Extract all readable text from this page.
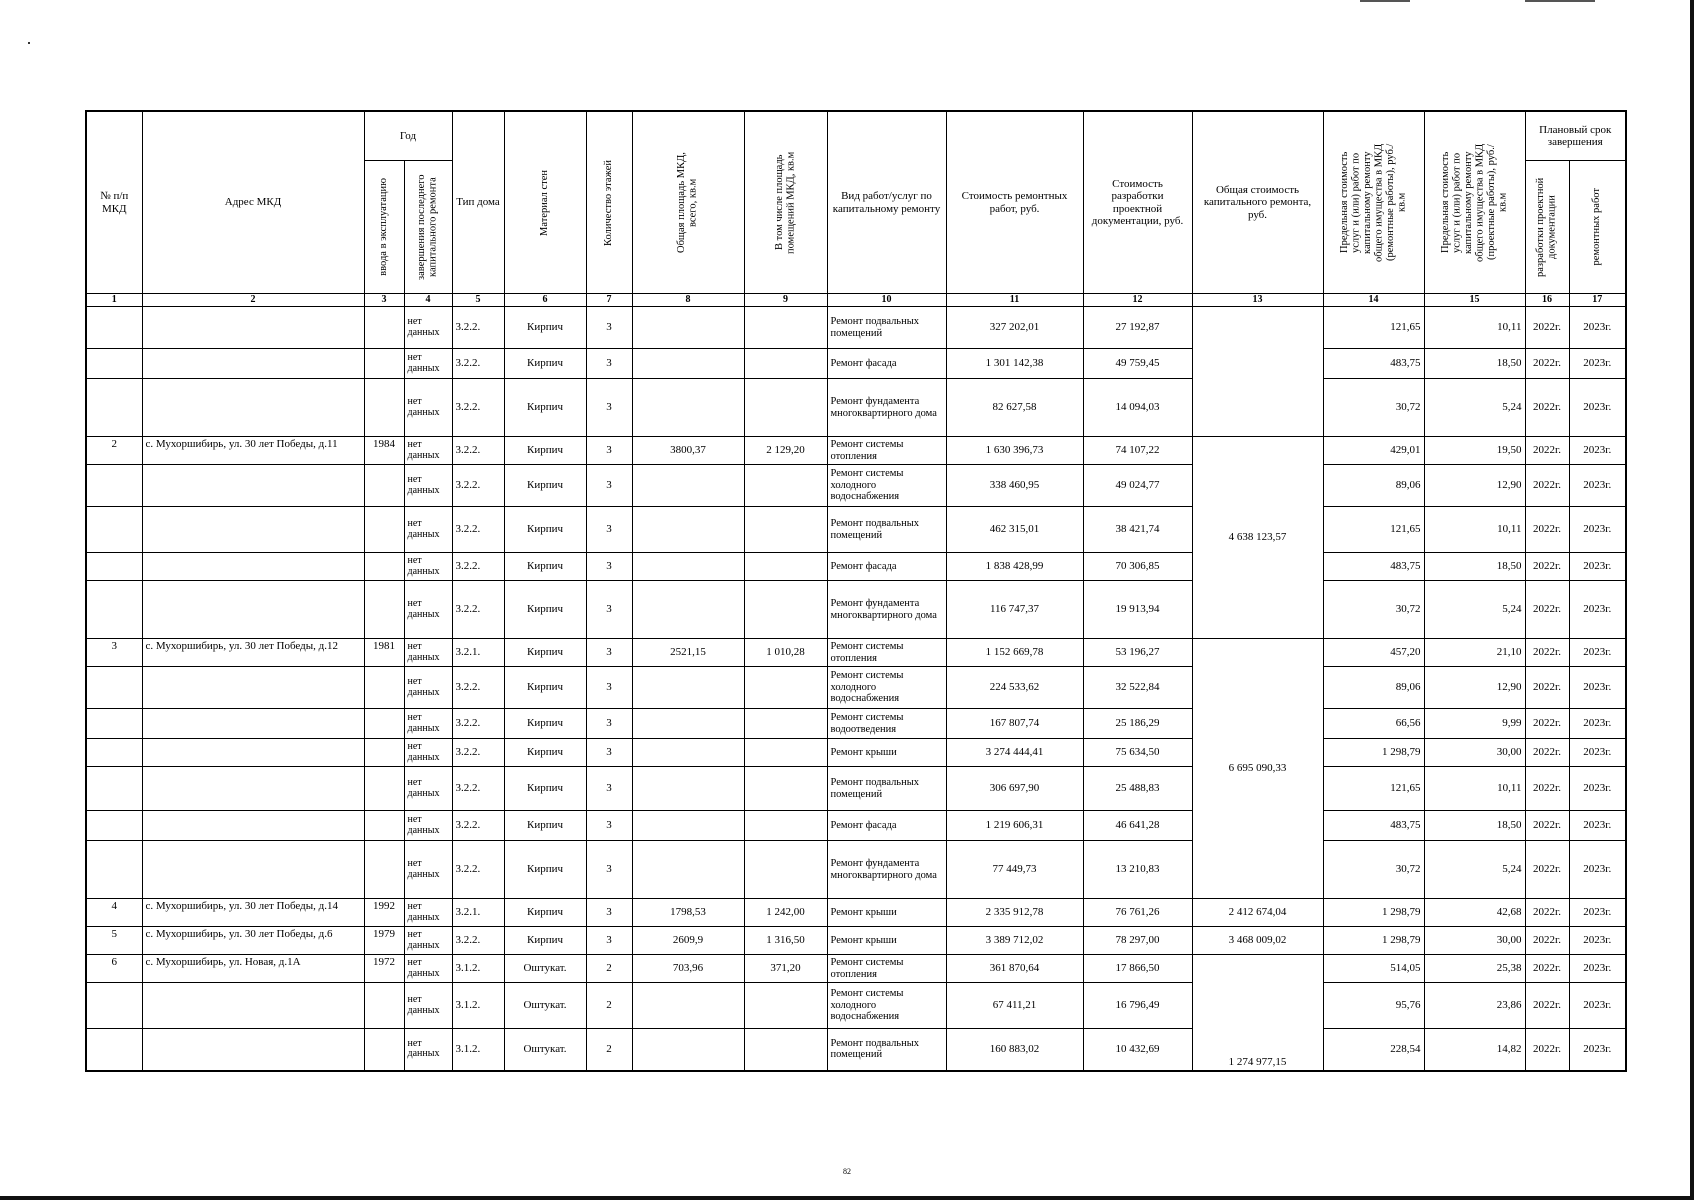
№ п/п МКД	Адрес МКД	Год		Тип дома	Материал стен	Количество этажей	Общая площадь МКД, всего, кв.м	В том числе площадь помещений МКД, кв.м	Вид работ/услуг по капитальному ремонту	Стоимость ремонтных работ, руб.	Стоимость разработки проектной документации, руб.	Общая стоимость капитального ремонта, руб.	Предельная стоимость услуг и (или) работ по капитальному ремонту общего имущества в МКД (ремонтные работы), руб./кв.м	Предельная стоимость услуг и (или) работ по капитальному ремонту общего имущества в МКД (проектные работы), руб./кв.м	Плановый срок завершения	

		ввода в эксплуатацию	завершения последнего капитального ремонта												разработки проектной документации	ремонтных работ

1	2	3	4	5	6	7	8	9	10	11	12	13	14	15	16	17
			нет данных	3.2.2.	Кирпич	3			Ремонт подвальных помещений	327 202,01	27 192,87		121,65	10,11	2022г.	2023г.
			нет данных	3.2.2.	Кирпич	3			Ремонт фасада	1 301 142,38	49 759,45		483,75	18,50	2022г.	2023г.
			нет данных	3.2.2.	Кирпич	3			Ремонт фундамента многоквартирного дома	82 627,58	14 094,03		30,72	5,24	2022г.	2023г.
2	с. Мухоршибирь, ул. 30 лет Победы, д.11	1984	нет данных	3.2.2.	Кирпич	3	3800,37	2 129,20	Ремонт системы отопления	1 630 396,73	74 107,22	4 638 123,57	429,01	19,50	2022г.	2023г.
			нет данных	3.2.2.	Кирпич	3			Ремонт системы холодного водоснабжения	338 460,95	49 024,77		89,06	12,90	2022г.	2023г.
			нет данных	3.2.2.	Кирпич	3			Ремонт подвальных помещений	462 315,01	38 421,74		121,65	10,11	2022г.	2023г.
			нет данных	3.2.2.	Кирпич	3			Ремонт фасада	1 838 428,99	70 306,85		483,75	18,50	2022г.	2023г.
			нет данных	3.2.2.	Кирпич	3			Ремонт фундамента многоквартирного дома	116 747,37	19 913,94		30,72	5,24	2022г.	2023г.
3	с. Мухоршибирь, ул. 30 лет Победы, д.12	1981	нет данных	3.2.1.	Кирпич	3	2521,15	1 010,28	Ремонт системы отопления	1 152 669,78	53 196,27	6 695 090,33	457,20	21,10	2022г.	2023г.
			нет данных	3.2.2.	Кирпич	3			Ремонт системы холодного водоснабжения	224 533,62	32 522,84		89,06	12,90	2022г.	2023г.
			нет данных	3.2.2.	Кирпич	3			Ремонт системы водоотведения	167 807,74	25 186,29		66,56	9,99	2022г.	2023г.
			нет данных	3.2.2.	Кирпич	3			Ремонт крыши	3 274 444,41	75 634,50		1 298,79	30,00	2022г.	2023г.
			нет данных	3.2.2.	Кирпич	3			Ремонт подвальных помещений	306 697,90	25 488,83		121,65	10,11	2022г.	2023г.
			нет данных	3.2.2.	Кирпич	3			Ремонт фасада	1 219 606,31	46 641,28		483,75	18,50	2022г.	2023г.
			нет данных	3.2.2.	Кирпич	3			Ремонт фундамента многоквартирного дома	77 449,73	13 210,83		30,72	5,24	2022г.	2023г.
4	с. Мухоршибирь, ул. 30 лет Победы, д.14	1992	нет данных	3.2.1.	Кирпич	3	1798,53	1 242,00	Ремонт крыши	2 335 912,78	76 761,26	2 412 674,04	1 298,79	42,68	2022г.	2023г.
5	с. Мухоршибирь, ул. 30 лет Победы, д.6	1979	нет данных	3.2.2.	Кирпич	3	2609,9	1 316,50	Ремонт крыши	3 389 712,02	78 297,00	3 468 009,02	1 298,79	30,00	2022г.	2023г.
6	с. Мухоршибирь, ул. Новая, д.1А	1972	нет данных	3.1.2.	Оштукат.	2	703,96	371,20	Ремонт системы отопления	361 870,64	17 866,50	1 274 977,15	514,05	25,38	2022г.	2023г.
			нет данных	3.1.2.	Оштукат.	2			Ремонт системы холодного водоснабжения	67 411,21	16 796,49		95,76	23,86	2022г.	2023г.
			нет данных	3.1.2.	Оштукат.	2			Ремонт подвальных помещений	160 883,02	10 432,69		228,54	14,82	2022г.	2023г.
82
